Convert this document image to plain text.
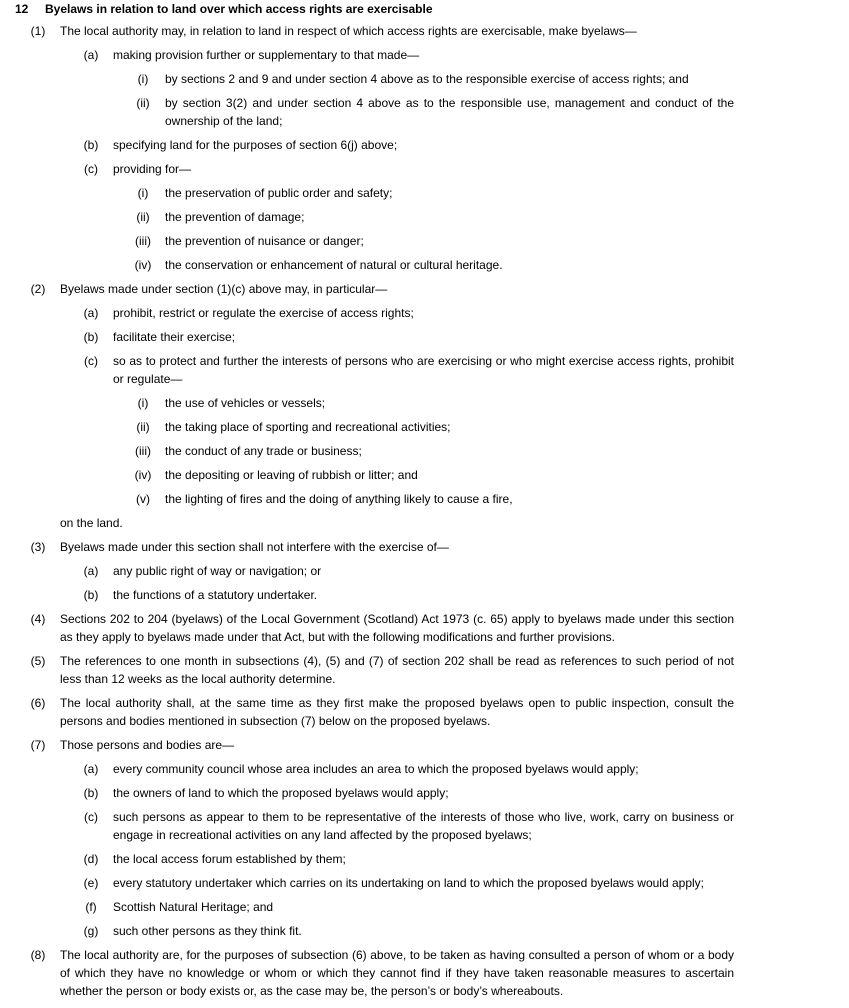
12 Byelaws in relation to land over which access rights are exercisable
(1) The local authority may, in relation to land in respect of which access rights are exercisable, make byelaws—
(a)	making provision further or supplementary to that made—
(i)	by sections 2 and 9 and under section 4 above as to the responsible exercise of access rights; and
(ii)	by section 3(2) and under section 4 above as to the responsible use, management and conduct of the ownership of the land;
(b)	specifying land for the purposes of section 6(j) above;
(c)	providing for—
(i)	the preservation of public order and safety;
(ii)	the prevention of damage;
(iii)	the prevention of nuisance or danger;
(iv)	the conservation or enhancement of natural or cultural heritage.
(2) Byelaws made under section (1)(c) above may, in particular—
(a)	prohibit, restrict or regulate the exercise of access rights;
(b)	facilitate their exercise;
(c)	so as to protect and further the interests of persons who are exercising or who might exercise access rights, prohibit or regulate—
(i)	the use of vehicles or vessels;
(ii)	the taking place of sporting and recreational activities;
(iii)	the conduct of any trade or business;
(iv)	the depositing or leaving of rubbish or litter; and
(v)	the lighting of fires and the doing of anything likely to cause a fire,
on the land.
(3) Byelaws made under this section shall not interfere with the exercise of—
(a)	any public right of way or navigation; or
(b)	the functions of a statutory undertaker.
(4) Sections 202 to 204 (byelaws) of the Local Government (Scotland) Act 1973 (c. 65) apply to byelaws made under this section as they apply to byelaws made under that Act, but with the following modifications and further provisions.
(5) The references to one month in subsections (4), (5) and (7) of section 202 shall be read as references to such period of not less than 12 weeks as the local authority determine.
(6) The local authority shall, at the same time as they first make the proposed byelaws open to public inspection, consult the persons and bodies mentioned in subsection (7) below on the proposed byelaws.
(7) Those persons and bodies are—
(a)	every community council whose area includes an area to which the proposed byelaws would apply;
(b)	the owners of land to which the proposed byelaws would apply;
(c)	such persons as appear to them to be representative of the interests of those who live, work, carry on business or engage in recreational activities on any land affected by the proposed byelaws;
(d)	the local access forum established by them;
(e)	every statutory undertaker which carries on its undertaking on land to which the proposed byelaws would apply;
(f)	Scottish Natural Heritage; and
(g)	such other persons as they think fit.
(8) The local authority are, for the purposes of subsection (6) above, to be taken as having consulted a person of whom or a body of which they have no knowledge or whom or which they cannot find if they have taken reasonable measures to ascertain whether the person or body exists or, as the case may be, the person’s or body’s whereabouts.
